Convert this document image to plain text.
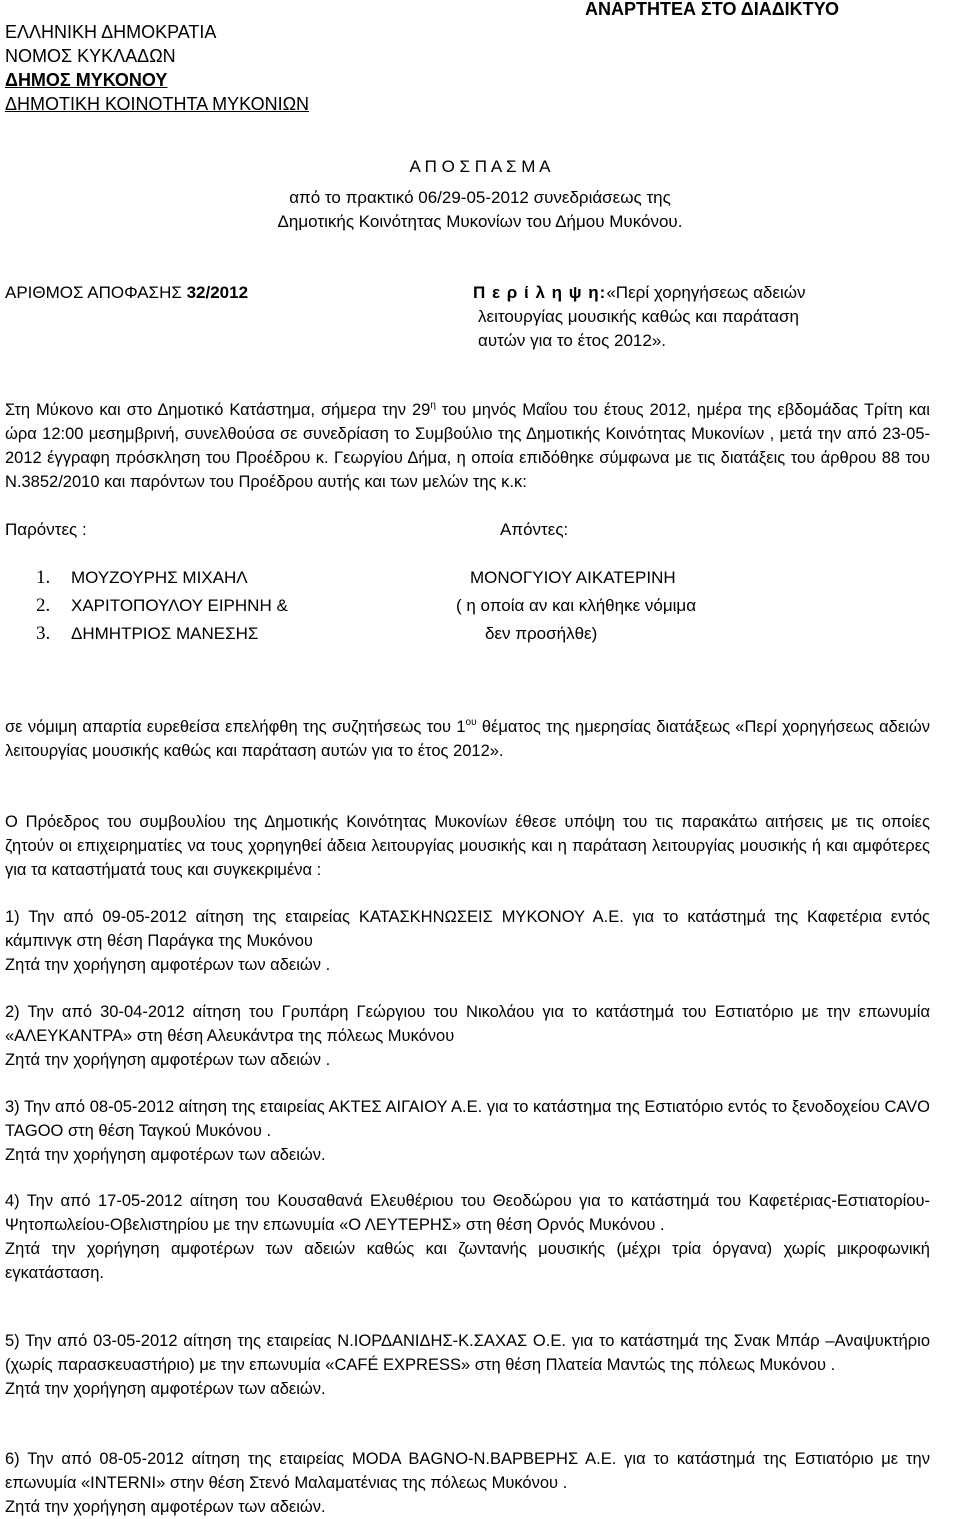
ΕΛΛΗΝΙΚΗ ΔΗΜΟΚΡΑΤΙΑ
ΝΟΜΟΣ ΚΥΚΛΑΔΩΝ
ΔΗΜΟΣ ΜΥΚΟΝΟΥ
ΔΗΜΟΤΙΚΗ ΚΟΙΝΟΤΗΤΑ ΜΥΚΟΝΙΩΝ
ΑΝΑΡΤΗΤΕΑ ΣΤΟ ΔΙΑΔΙΚΤΥΟ
Α Π Ο Σ Π Α Σ Μ Α
από το πρακτικό 06/29-05-2012 συνεδριάσεως της
Δημοτικής Κοινότητας Μυκονίων του Δήμου Μυκόνου.
ΑΡΙΘΜΟΣ ΑΠΟΦΑΣΗΣ 32/2012	Π ε ρ ί λ η ψ η:«Περί χορηγήσεως αδειών
λειτουργίας μουσικής καθώς και παράταση
αυτών για το έτος 2012».
Στη Μύκονο και στο Δημοτικό Κατάστημα, σήμερα την $29^\eta$ του μηνός Μαΐου του έτους 2012, ημέρα της εβδομάδας Τρίτη και ώρα 12:00 μεσημβρινή, συνελθούσα σε συνεδρίαση το Συμβούλιο της Δημοτικής Κοινότητας Μυκονίων , μετά την από 23-05-2012 έγγραφη πρόσκληση του Προέδρου κ. Γεωργίου Δήμα, η οποία επιδόθηκε σύμφωνα με τις διατάξεις του άρθρου 88 του Ν.3852/2010 και παρόντων του Προέδρου αυτής και των μελών της κ.κ:
Παρόντες :	Απόντες:
1. ΜΟΥΖΟΥΡΗΣ ΜΙΧΑΗΛ
2. ΧΑΡΙΤΟΠΟΥΛΟΥ ΕΙΡΗΝΗ &
3. ΔΗΜΗΤΡΙΟΣ ΜΑΝΕΣΗΣ
ΜΟΝΟΓΥΙΟΥ ΑΙΚΑΤΕΡΙΝΗ
( η οποία αν και κλήθηκε νόμιμα
δεν προσήλθε)
σε νόμιμη απαρτία ευρεθείσα επελήφθη της συζητήσεως του $1^{o\upsilon}$ θέματος της ημερησίας διατάξεως «Περί χορηγήσεως αδειών λειτουργίας μουσικής καθώς και παράταση αυτών για το έτος 2012».
Ο Πρόεδρος του συμβουλίου της Δημοτικής Κοινότητας Μυκονίων έθεσε υπόψη του τις παρακάτω αιτήσεις με τις οποίες ζητούν οι επιχειρηματίες να τους χορηγηθεί άδεια λειτουργίας μουσικής και η παράταση λειτουργίας μουσικής ή και αμφότερες για τα καταστήματά τους και συγκεκριμένα :

1) Την από 09-05-2012 αίτηση της εταιρείας ΚΑΤΑΣΚΗΝΩΣΕΙΣ ΜΥΚΟΝΟΥ Α.Ε. για το κατάστημά της Καφετέρια εντός κάμπινγκ στη θέση Παράγκα της Μυκόνου

Ζητά την χορήγηση αμφοτέρων των αδειών .

2) Την από 30-04-2012 αίτηση του Γρυπάρη Γεώργιου του Νικολάου για το κατάστημά του Εστιατόριο με την επωνυμία «ΑΛΕΥΚΑΝΤΡΑ» στη θέση Αλευκάντρα της πόλεως Μυκόνου

Ζητά την χορήγηση αμφοτέρων των αδειών .

3) Την από 08-05-2012 αίτηση της εταιρείας ΑΚΤΕΣ ΑΙΓΑΙΟΥ Α.Ε. για το κατάστημα της Εστιατόριο εντός το ξενοδοχείου CAVO TAGOO στη θέση Ταγκού Μυκόνου .

Ζητά την χορήγηση αμφοτέρων των αδειών.

4) Την από 17-05-2012 αίτηση του Κουσαθανά Ελευθέριου του Θεοδώρου για το κατάστημά του Καφετέριας-Εστιατορίου-Ψητοπωλείου-Οβελιστηρίου με την επωνυμία «Ο ΛΕΥΤΕΡΗΣ» στη θέση Ορνός Μυκόνου .

Ζητά την χορήγηση αμφοτέρων των αδειών καθώς και ζωντανής μουσικής (μέχρι τρία όργανα) χωρίς μικροφωνική εγκατάσταση.

5) Την από 03-05-2012 αίτηση της εταιρείας Ν.ΙΟΡΔΑΝΙΔΗΣ-Κ.ΣΑΧΑΣ Ο.Ε. για το κατάστημά της Σνακ Μπάρ –Αναψυκτήριο (χωρίς παρασκευαστήριο) με την επωνυμία «CAFÉ EXPRESS» στη θέση Πλατεία Μαντώς της πόλεως Μυκόνου .

Ζητά την χορήγηση αμφοτέρων των αδειών.

6) Την από 08-05-2012 αίτηση της εταιρείας MODA BAGNO-N.ΒΑΡΒΕΡΗΣ Α.Ε. για το κατάστημά της Εστιατόριο με την επωνυμία «INTERNI» στην θέση Στενό Μαλαματένιας της πόλεως Μυκόνου .

Ζητά την χορήγηση αμφοτέρων των αδειών.
